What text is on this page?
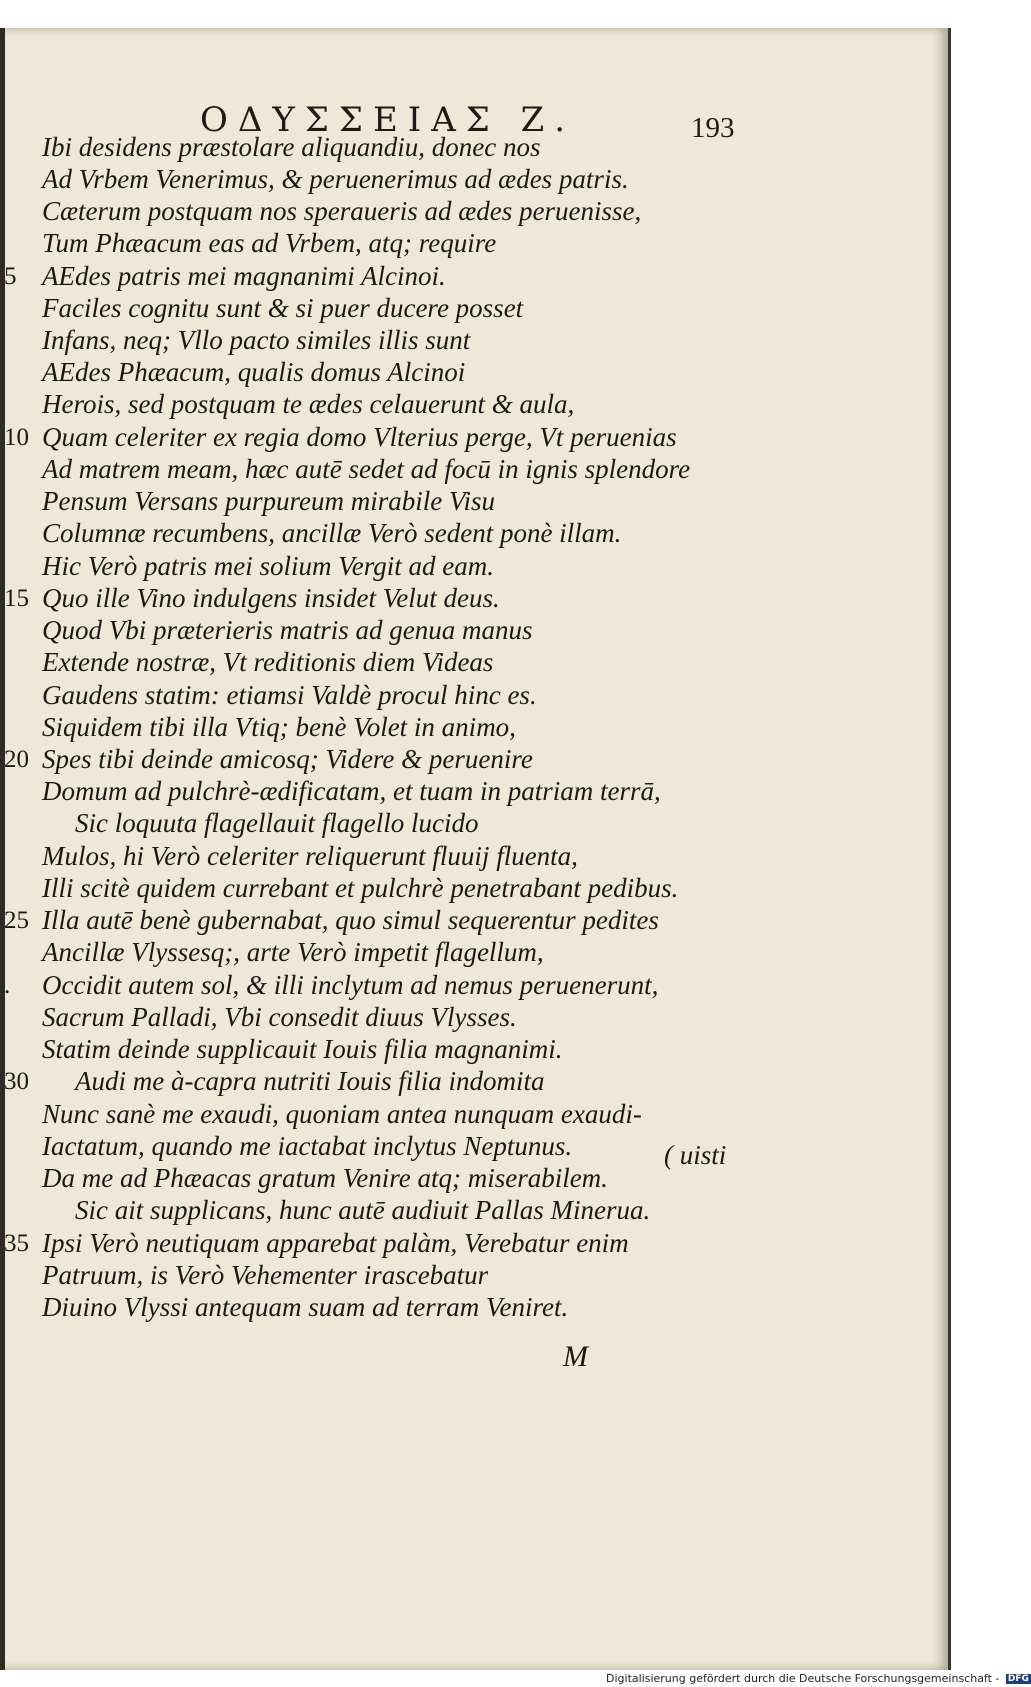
ΟΔΥΣΣΕΙΑΣ Ζ.	193
Ibi desidens præstolare aliquandiu, donec nos
Ad Vrbem Venerimus, & peruenerimus ad ædes patris.
Cæterum postquam nos speraueris ad ædes peruenisse,
Tum Phæacum eas ad Vrbem, atq; require
AEdes patris mei magnanimi Alcinoi.
Faciles cognitu sunt & si puer ducere posset
Infans, neq; Vllo pacto similes illis sunt
AEdes Phæacum, qualis domus Alcinoi
Herois, sed postquam te ædes celauerunt & aula,
Quam celeriter ex regia domo Vlterius perge, Vt peruenias
Ad matrem meam, hæc autē sedet ad focū in ignis splendore
Pensum Versans purpureum mirabile Visu
Columnæ recumbens, ancillæ Verò sedent ponè illam.
Hic Verò patris mei solium Vergit ad eam.
Quo ille Vino indulgens insidet Velut deus.
Quod Vbi præterieris matris ad genua manus
Extende nostræ, Vt reditionis diem Videas
Gaudens statim: etiamsi Valdè procul hinc es.
Siquidem tibi illa Vtiq; benè Volet in animo,
Spes tibi deinde amicosq; Videre & peruenire
Domum ad pulchrè-ædificatam, et tuam in patriam terrā,
Sic loquuta flagellauit flagello lucido
Mulos, hi Verò celeriter reliquerunt fluuij fluenta,
Illi scitè quidem currebant et pulchrè penetrabant pedibus.
Illa autē benè gubernabat, quo simul sequerentur pedites
Ancillæ Vlyssesq;, arte Verò impetit flagellum,
Occidit autem sol, & illi inclytum ad nemus peruenerunt,
Sacrum Palladi, Vbi consedit diuus Vlysses.
Statim deinde supplicauit Iouis filia magnanimi.
Audi me à-capra nutriti Iouis filia indomita
Nunc sanè me exaudi, quoniam antea nunquam exaudi-
Iactatum, quando me iactabat inclytus Neptunus.
Da me ad Phæacas gratum Venire atq; miserabilem.
Sic ait supplicans, hunc autē audiuit Pallas Minerua.
Ipsi Verò neutiquam apparebat palàm, Verebatur enim
Patruum, is Verò Vehementer irascebatur
Diuino Vlyssi antequam suam ad terram Veniret.
5
10
15
20
25
.
30
35
( uisti
M
Digitalisierung gefördert durch die Deutsche Forschungsgemeinschaft - DFG
